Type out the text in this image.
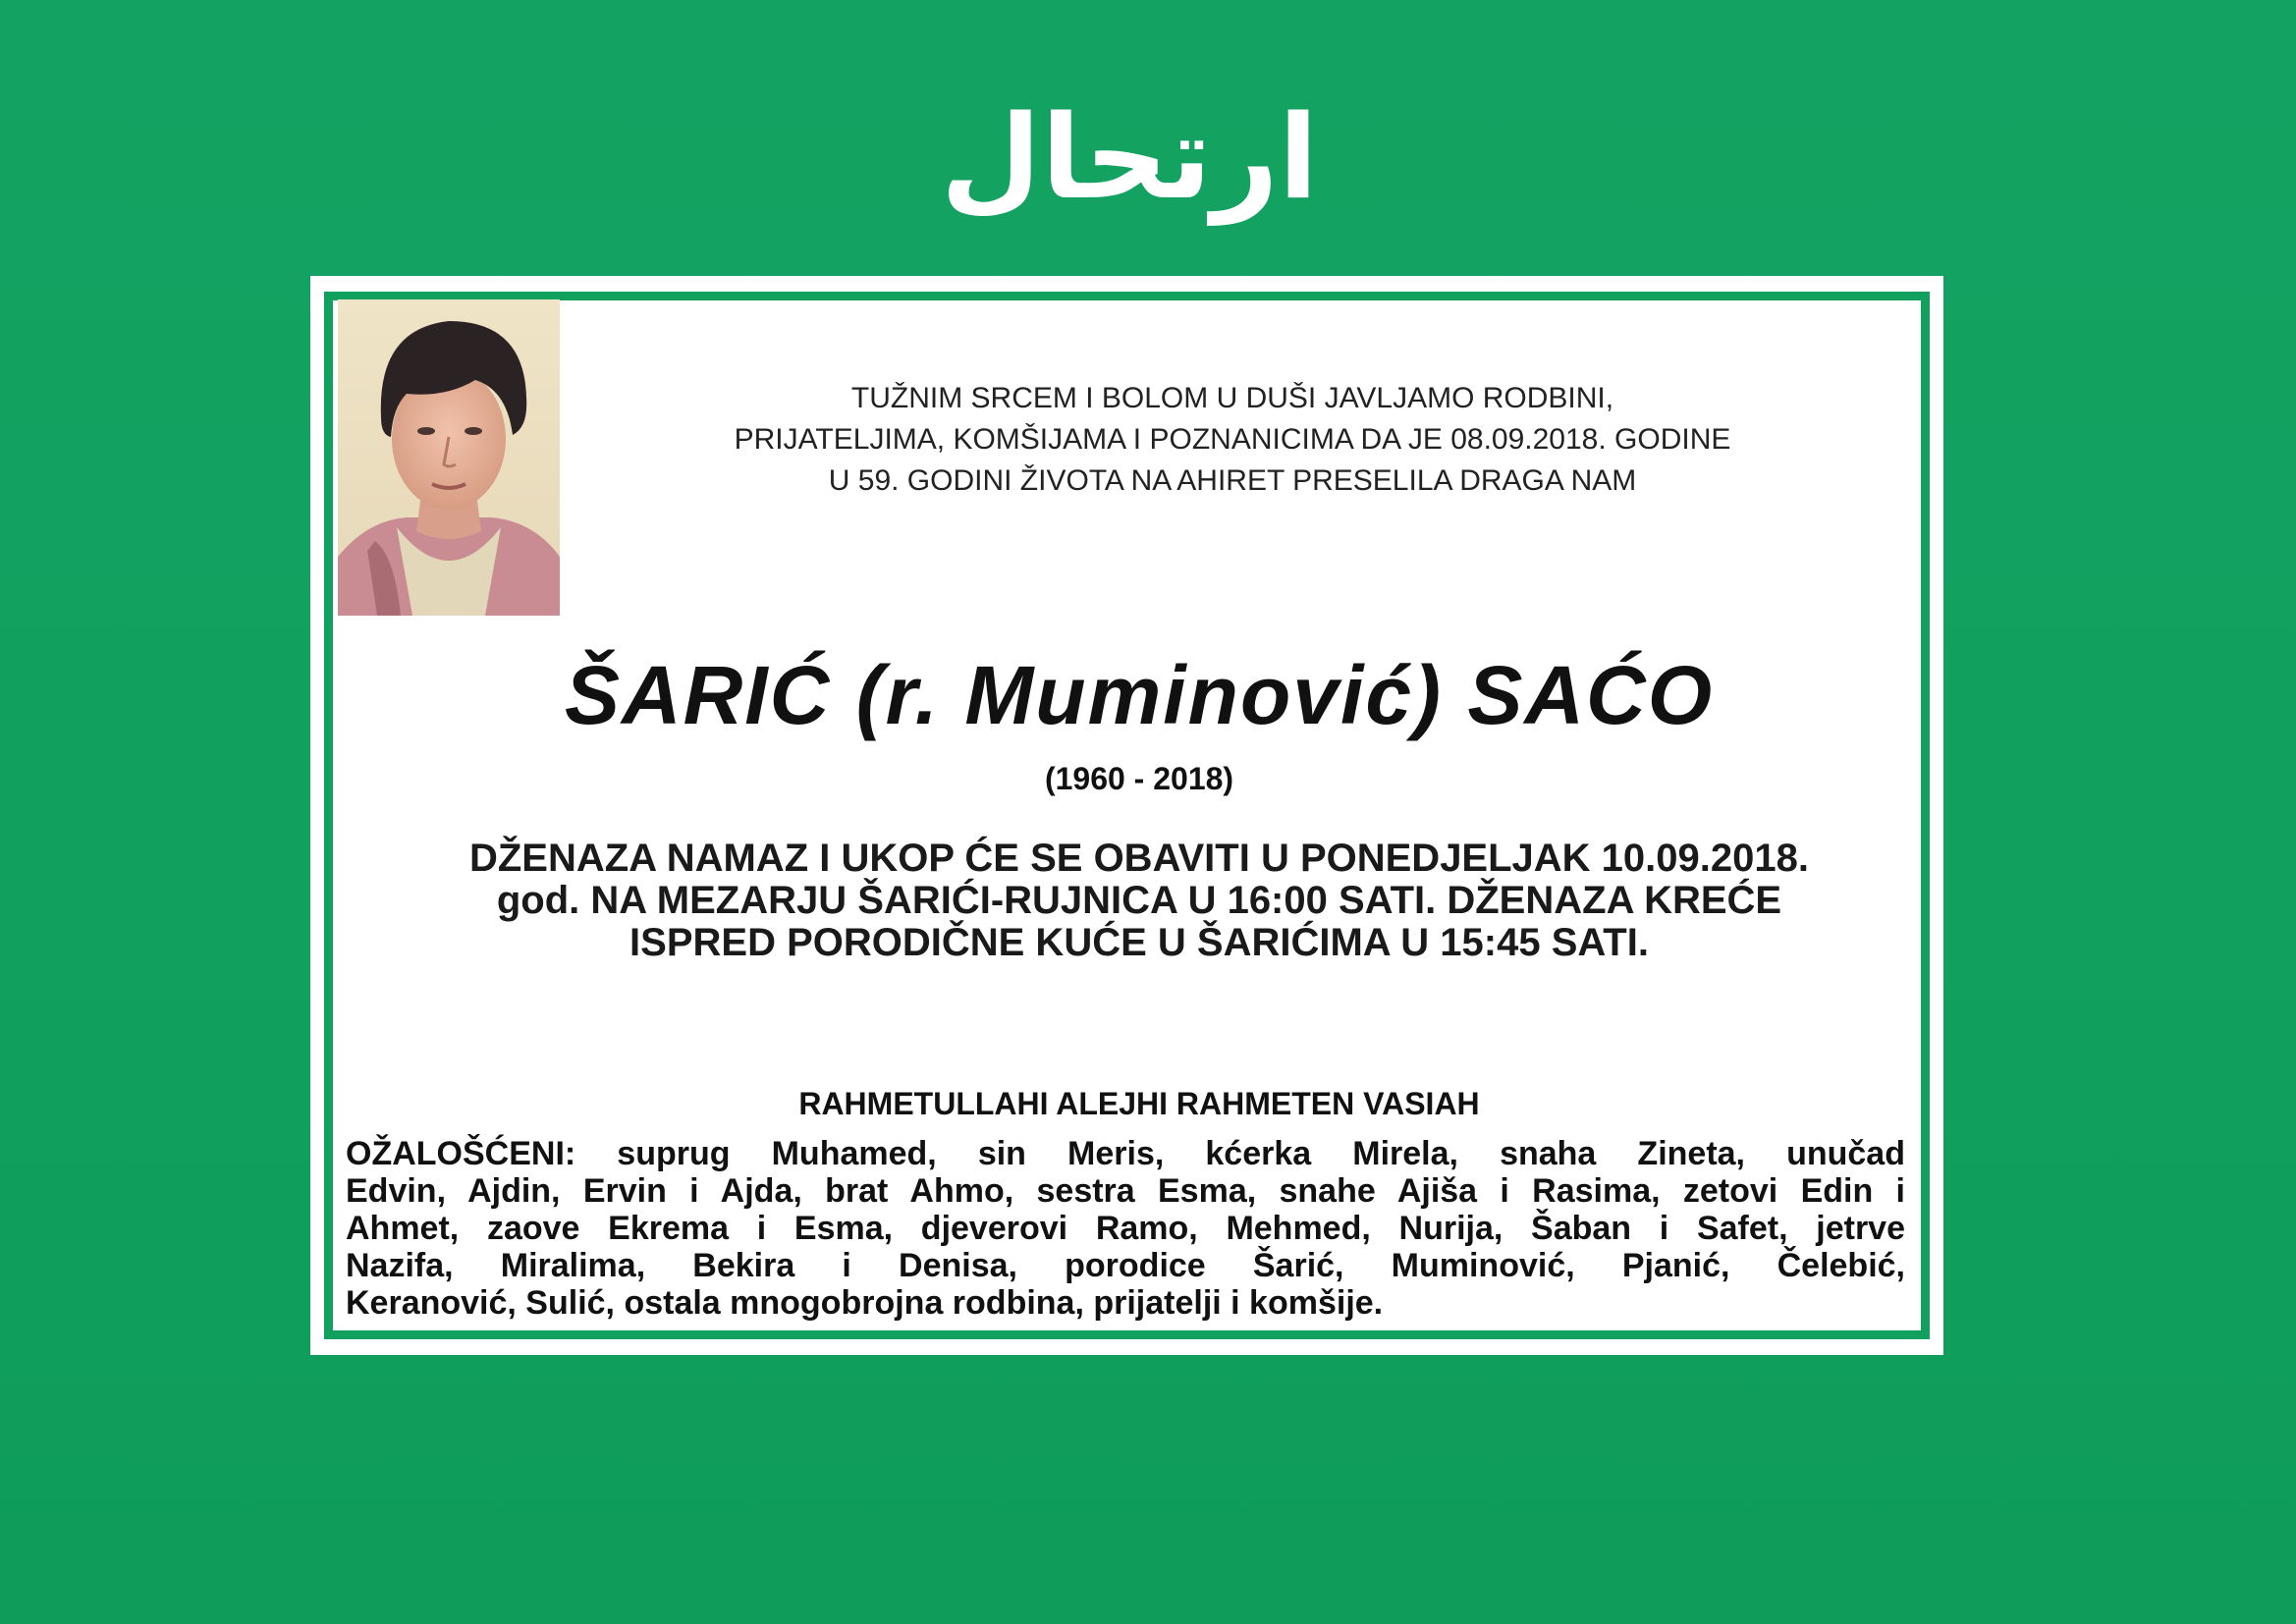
ارتحال
TUŽNIM SRCEM I BOLOM U DUŠI JAVLJAMO RODBINI,
PRIJATELJIMA, KOMŠIJAMA I POZNANICIMA DA JE 08.09.2018. GODINE
U 59. GODINI ŽIVOTA NA AHIRET PRESELILA DRAGA NAM
ŠARIĆ (r. Muminović) SAĆO
(1960 - 2018)
DŽENAZA NAMAZ I UKOP ĆE SE OBAVITI U PONEDJELJAK 10.09.2018.
god. NA MEZARJU ŠARIĆI-RUJNICA U 16:00 SATI. DŽENAZA KREĆE
ISPRED PORODIČNE KUĆE U ŠARIĆIMA U 15:45 SATI.
RAHMETULLAHI ALEJHI RAHMETEN VASIAH
OŽALOŠĆENI: suprug Muhamed, sin Meris, kćerka Mirela, snaha Zineta, unučad
Edvin, Ajdin, Ervin i Ajda, brat Ahmo, sestra Esma, snahe Ajiša i Rasima, zetovi Edin i
Ahmet, zaove Ekrema i Esma, djeverovi Ramo, Mehmed, Nurija, Šaban i Safet, jetrve
Nazifa, Miralima, Bekira i Denisa, porodice Šarić, Muminović, Pjanić, Čelebić,
Keranović, Sulić, ostala mnogobrojna rodbina, prijatelji i komšije.
